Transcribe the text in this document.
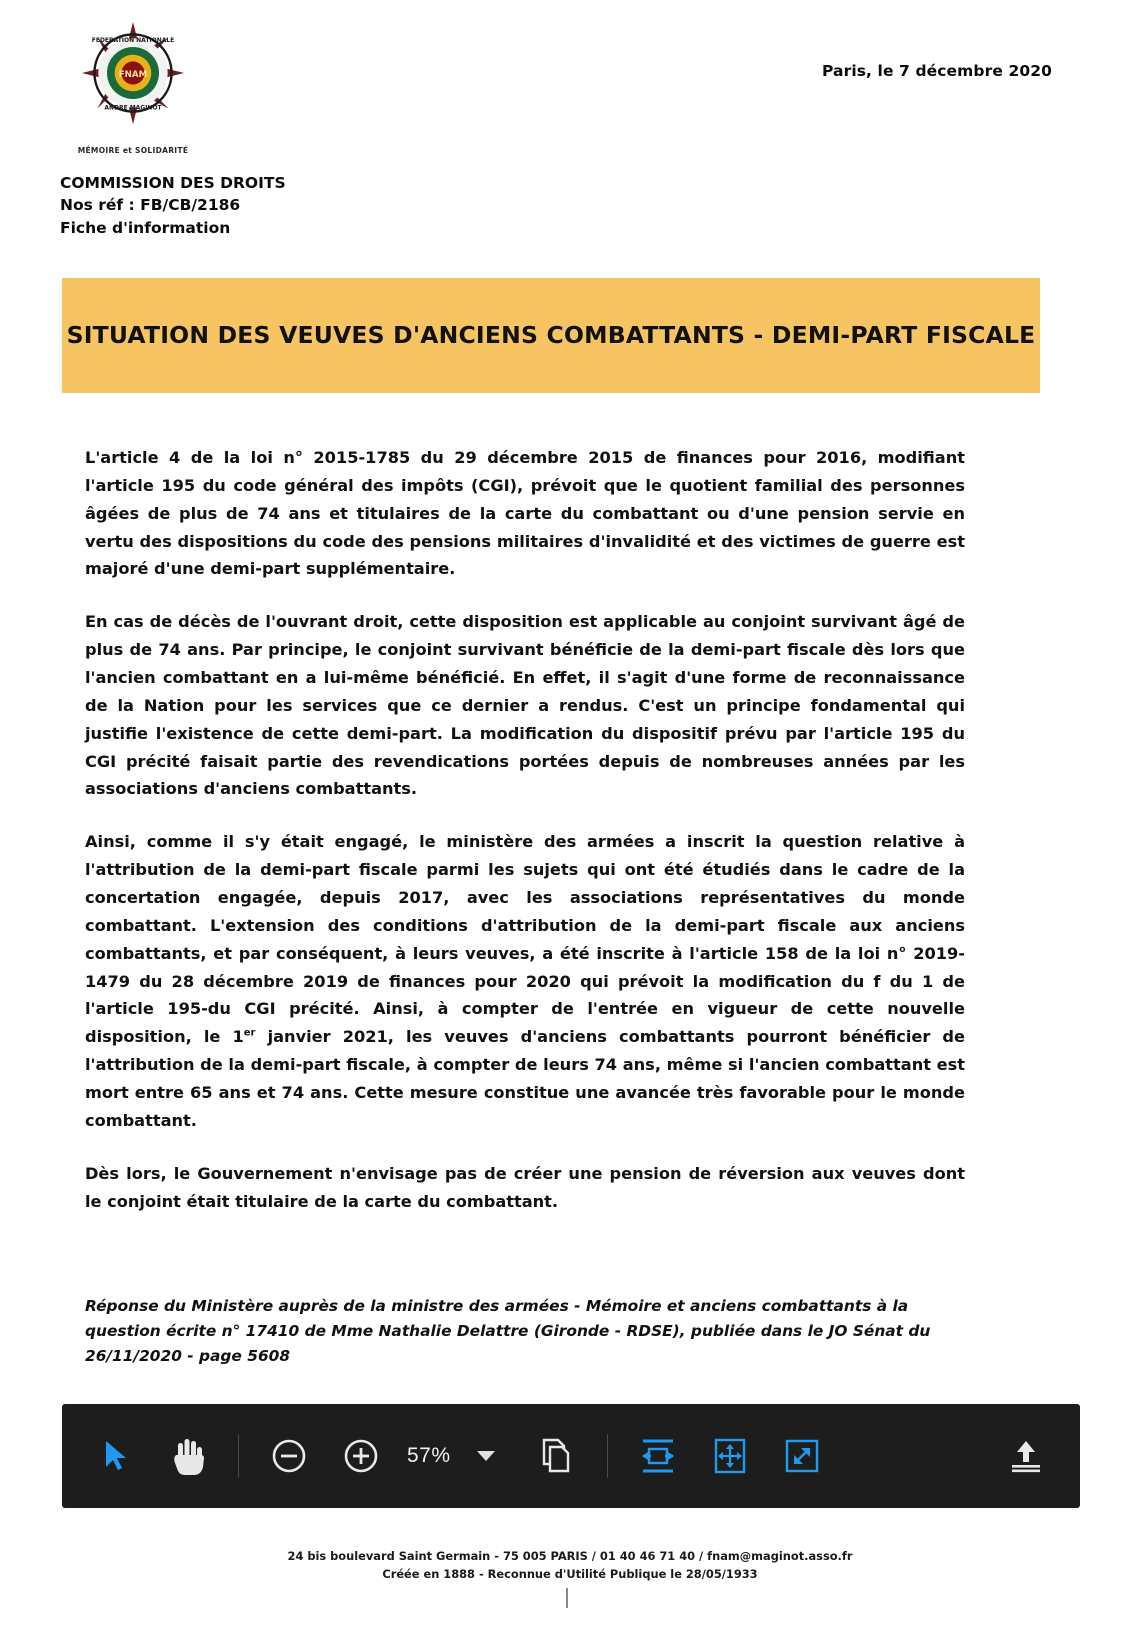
FNAM
FEDERATION NATIONALE
ANDRE MAGINOT
MÉMOIRE et SOLIDARITÉ
Paris, le 7 décembre 2020
COMMISSION DES DROITS
Nos réf : FB/CB/2186
Fiche d'information
SITUATION DES VEUVES D'ANCIENS COMBATTANTS - DEMI-PART FISCALE

L'article 4 de la loi n° 2015-1785 du 29 décembre 2015 de finances pour 2016, modifiant l'article 195 du code général des impôts (CGI), prévoit que le quotient familial des personnes âgées de plus de 74 ans et titulaires de la carte du combattant ou d'une pension servie en vertu des dispositions du code des pensions militaires d'invalidité et des victimes de guerre est majoré d'une demi-part supplémentaire.

En cas de décès de l'ouvrant droit, cette disposition est applicable au conjoint survivant âgé de plus de 74 ans. Par principe, le conjoint survivant bénéficie de la demi-part fiscale dès lors que l'ancien combattant en a lui-même bénéficié. En effet, il s'agit d'une forme de reconnaissance de la Nation pour les services que ce dernier a rendus. C'est un principe fondamental qui justifie l'existence de cette demi-part. La modification du dispositif prévu par l'article 195 du CGI précité faisait partie des revendications portées depuis de nombreuses années par les associations d'anciens combattants.

Ainsi, comme il s'y était engagé, le ministère des armées a inscrit la question relative à l'attribution de la demi-part fiscale parmi les sujets qui ont été étudiés dans le cadre de la concertation engagée, depuis 2017, avec les associations représentatives du monde combattant. L'extension des conditions d'attribution de la demi-part fiscale aux anciens combattants, et par conséquent, à leurs veuves, a été inscrite à l'article 158 de la loi n° 2019-1479 du 28 décembre 2019 de finances pour 2020 qui prévoit la modification du f du 1 de l'article 195-du CGI précité. Ainsi, à compter de l'entrée en vigueur de cette nouvelle disposition, le 1er janvier 2021, les veuves d'anciens combattants pourront bénéficier de l'attribution de la demi-part fiscale, à compter de leurs 74 ans, même si l'ancien combattant est mort entre 65 ans et 74 ans. Cette mesure constitue une avancée très favorable pour le monde combattant.

Dès lors, le Gouvernement n'envisage pas de créer une pension de réversion aux veuves dont le conjoint était titulaire de la carte du combattant.

Réponse du Ministère auprès de la ministre des armées - Mémoire et anciens combattants à la question écrite n° 17410 de Mme Nathalie Delattre (Gironde - RDSE), publiée dans le JO Sénat du 26/11/2020 - page 5608
24 bis boulevard Saint Germain - 75 005 PARIS / 01 40 46 71 40 / fnam@maginot.asso.fr
Créée en 1888 - Reconnue d'Utilité Publique le 28/05/1933
57%
